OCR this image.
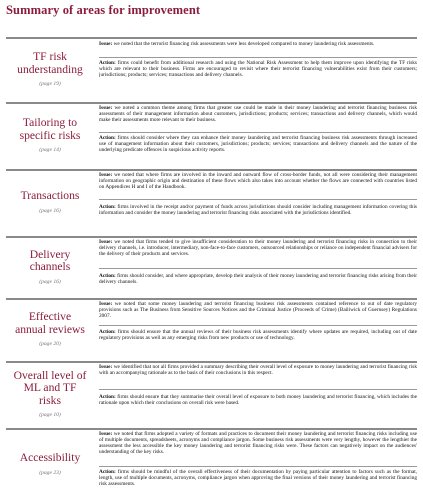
Summary of areas for improvement
TF risk
understanding
(page 19)
Issue: we noted that the terrorist financing risk assessments were less developed compared to money laundering risk assessments.
Action: firms could benefit from additional research and using the National Risk Assessment to help them improve upon identifying the TF risks which are relevant to their business. Firms are encouraged to revisit where their terrorist financing vulnerabilities exist from their customers; jurisdictions; products; services; transactions and delivery channels.
Tailoring to
specific risks
(page 14)
Issue: we noted a common theme among firms that greater use could be made in their money laundering and terrorist financing business risk assessments of their management information about customers, jurisdictions; products; services; transactions and delivery channels, which would make their assessments more relevant to their business.
Action: firms should consider where they can enhance their money laundering and terrorist financing business risk assessments through increased use of management information about their customers, jurisdictions; products; services; transactions and delivery channels and the nature of the underlying predicate offences in suspicious activity reports.
Transactions
(page 16)
Issue: we noted that where firms are involved in the inward and outward flow of cross-border funds, not all were considering their management information on geographic origin and destination of these flows which also takes into account whether the flows are connected with countries listed on Appendices H and I of the Handbook.
Action: firms involved in the receipt and/or payment of funds across jurisdictions should consider including management information covering this information and consider the money laundering and terrorist financing risks associated with the jurisdictions identified.
Delivery
channels
(page 16)
Issue: we noted that firms tended to give insufficient consideration to their money laundering and terrorist financing risks in connection to their delivery channels, i.e. introducer, intermediary, non-face-to-face customers, outsourced relationships or reliance on independent financial advisers for the delivery of their products and services.
Action: firms should consider, and where appropriate, develop their analysis of their money laundering and terrorist financing risks arising from their delivery channels.
Effective
annual reviews
(page 20)
Issue: we noted that some money laundering and terrorist financing business risk assessments contained reference to out of date regulatory provisions such as The Business from Sensitive Sources Notices and the Criminal Justice (Proceeds of Crime) (Bailiwick of Guernsey) Regulations 2007.
Action: firms should ensure that the annual reviews of their business risk assessments identify where updates are required, including out of date regulatory provisions as well as any emerging risks from new products or use of technology.
Overall level of
ML and TF
risks
(page 10)
Issue: we identified that not all firms provided a summary describing their overall level of exposure to money laundering and terrorist financing risk with an accompanying rationale as to the basis of their conclusions in this respect.
Action: firms should ensure that they summarise their overall level of exposure to both money laundering and terrorist financing, which includes the rationale upon which their conclusions on overall risk were based.
Accessibility
(page 23)
Issue: we noted that firms adopted a variety of formats and practices to document their money laundering and terrorist financing risks including use of multiple documents, spreadsheets, acronyms and compliance jargon. Some business risk assessments were very lengthy, however the lengthier the assessment the less accessible the key money laundering and terrorist financing risks were. These factors can negatively impact on the audiences' understanding of the key risks.
Action: firms should be mindful of the overall effectiveness of their documentation by paying particular attention to factors such as the format, length, use of multiple documents, acronyms, compliance jargon when approving the final versions of their money laundering and terrorist financing risk assessments.
